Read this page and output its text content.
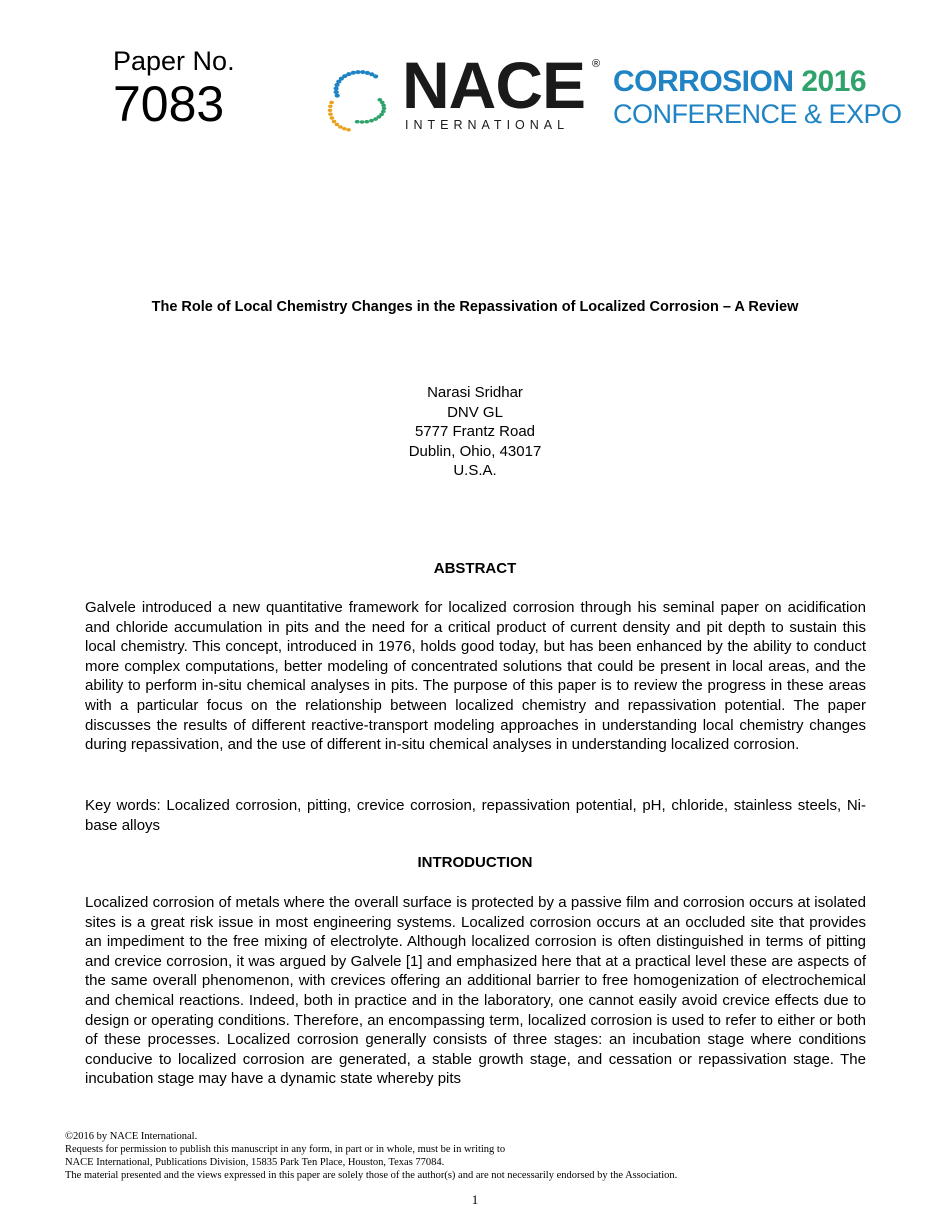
Paper No.
7083	NACE ®
INTERNATIONAL
CORROSION 2016
CONFERENCE & EXPO
The Role of Local Chemistry Changes in the Repassivation of Localized Corrosion – A Review
Narasi Sridhar
DNV GL
5777 Frantz Road
Dublin, Ohio, 43017
U.S.A.
ABSTRACT

Galvele introduced a new quantitative framework for localized corrosion through his seminal paper on acidification and chloride accumulation in pits and the need for a critical product of current density and pit depth to sustain this local chemistry. This concept, introduced in 1976, holds good today, but has been enhanced by the ability to conduct more complex computations, better modeling of concentrated solutions that could be present in local areas, and the ability to perform in-situ chemical analyses in pits. The purpose of this paper is to review the progress in these areas with a particular focus on the relationship between localized chemistry and repassivation potential. The paper discusses the results of different reactive-transport modeling approaches in understanding local chemistry changes during repassivation, and the use of different in-situ chemical analyses in understanding localized corrosion.

Key words: Localized corrosion, pitting, crevice corrosion, repassivation potential, pH, chloride, stainless steels, Ni-base alloys

INTRODUCTION

Localized corrosion of metals where the overall surface is protected by a passive film and corrosion occurs at isolated sites is a great risk issue in most engineering systems. Localized corrosion occurs at an occluded site that provides an impediment to the free mixing of electrolyte. Although localized corrosion is often distinguished in terms of pitting and crevice corrosion, it was argued by Galvele [1] and emphasized here that at a practical level these are aspects of the same overall phenomenon, with crevices offering an additional barrier to free homogenization of electrochemical and chemical reactions. Indeed, both in practice and in the laboratory, one cannot easily avoid crevice effects due to design or operating conditions. Therefore, an encompassing term, localized corrosion is used to refer to either or both of these processes. Localized corrosion generally consists of three stages: an incubation stage where conditions conducive to localized corrosion are generated, a stable growth stage, and cessation or repassivation stage. The incubation stage may have a dynamic state whereby pits

©2016 by NACE International.
Requests for permission to publish this manuscript in any form, in part or in whole, must be in writing to
NACE International, Publications Division, 15835 Park Ten Place, Houston, Texas 77084.
The material presented and the views expressed in this paper are solely those of the author(s) and are not necessarily endorsed by the Association.
1
